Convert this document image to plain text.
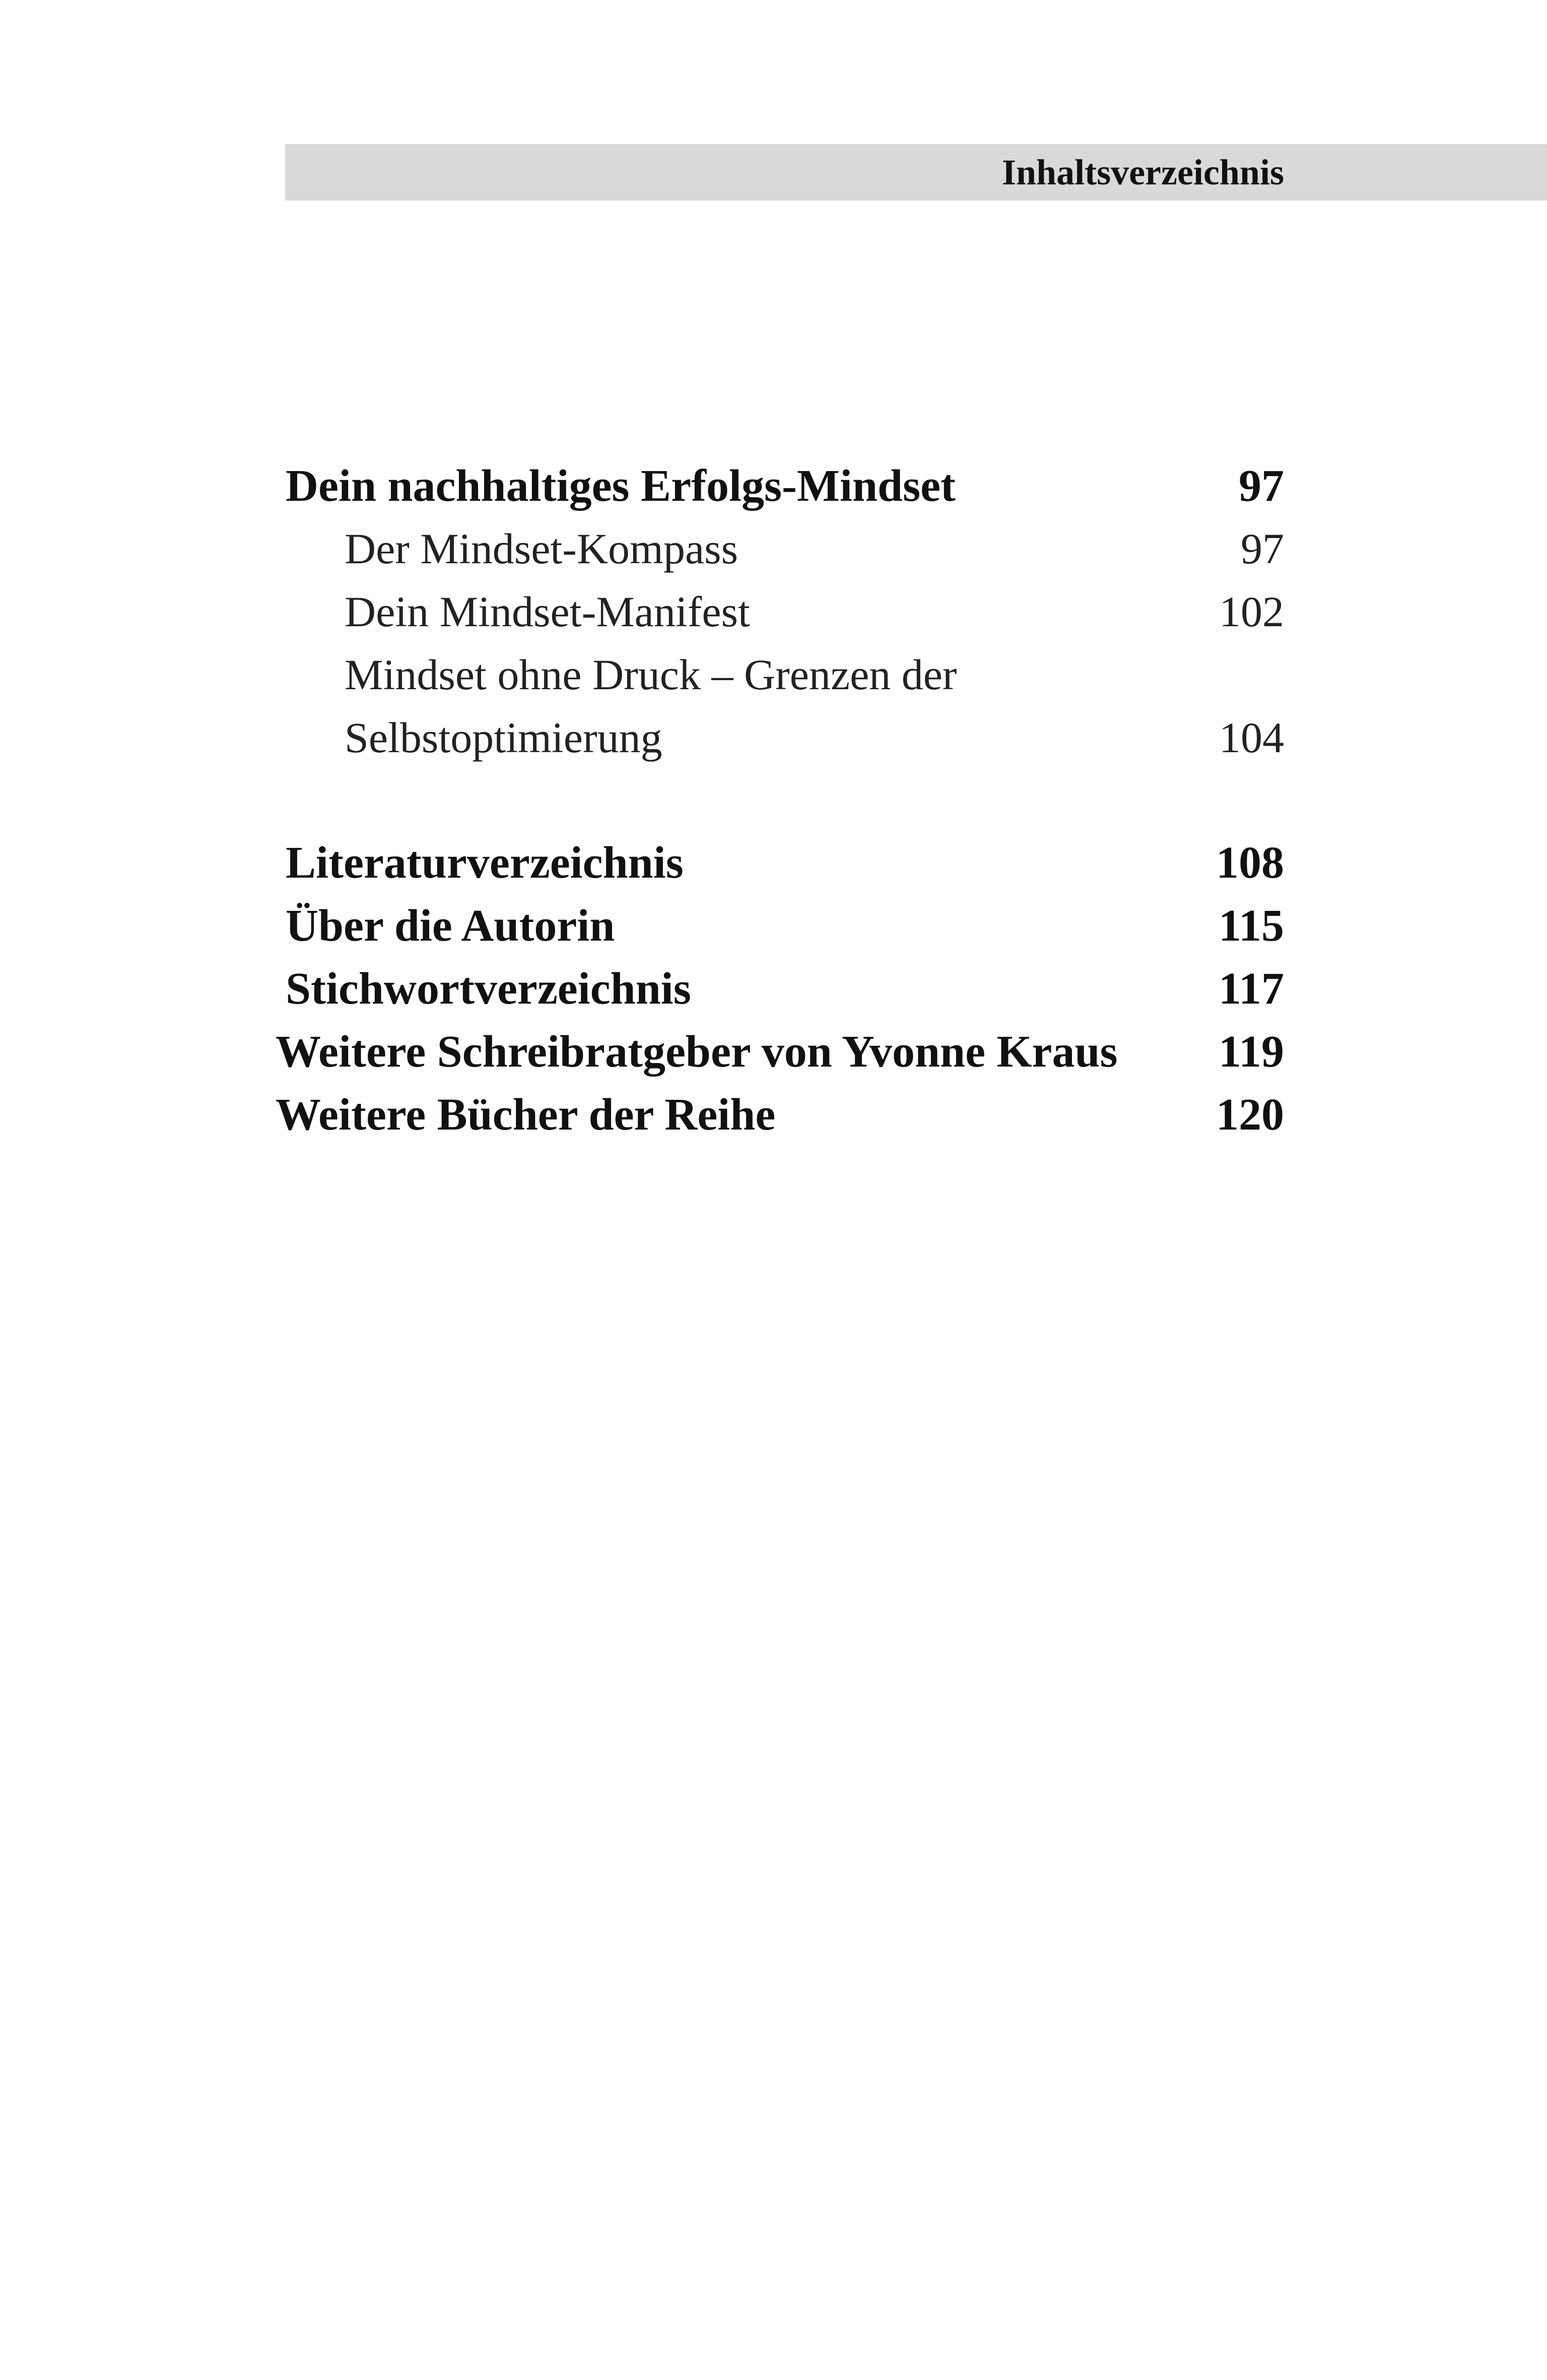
Inhaltsverzeichnis
Dein nachhaltiges Erfolgs-Mindset	97
Der Mindset-Kompass	97
Dein Mindset-Manifest	102
Mindset ohne Druck – Grenzen der
Selbstoptimierung	104
Literaturverzeichnis	108
Über die Autorin	115
Stichwortverzeichnis	117
Weitere Schreibratgeber von Yvonne Kraus 119
Weitere Bücher der Reihe	120
